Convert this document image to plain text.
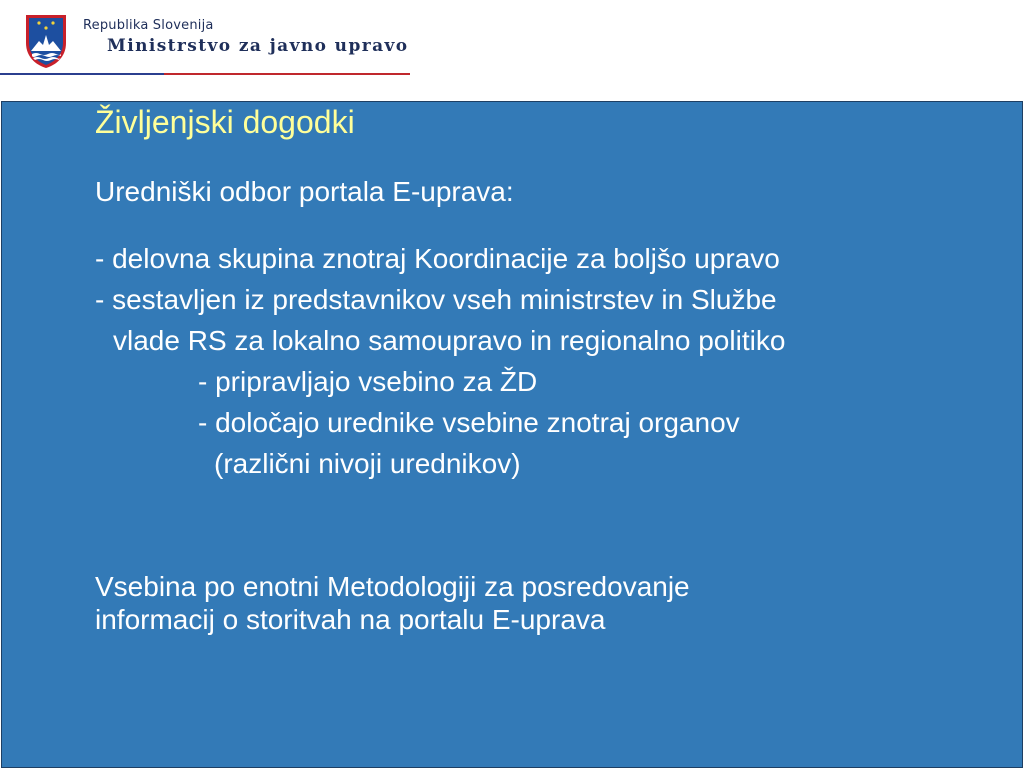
Republika Slovenija
Ministrstvo za javno upravo

Življenjski dogodki

Uredniški odbor portala E-uprava:

- delovna skupina znotraj Koordinacije za boljšo upravo

- sestavljen iz predstavnikov vseh ministrstev in Službe

vlade RS za lokalno samoupravo in regionalno politiko

- pripravljajo vsebino za ŽD

- določajo urednike vsebine znotraj organov

(različni nivoji urednikov)

Vsebina po enotni Metodologiji za posredovanje

informacij o storitvah na portalu E-uprava
